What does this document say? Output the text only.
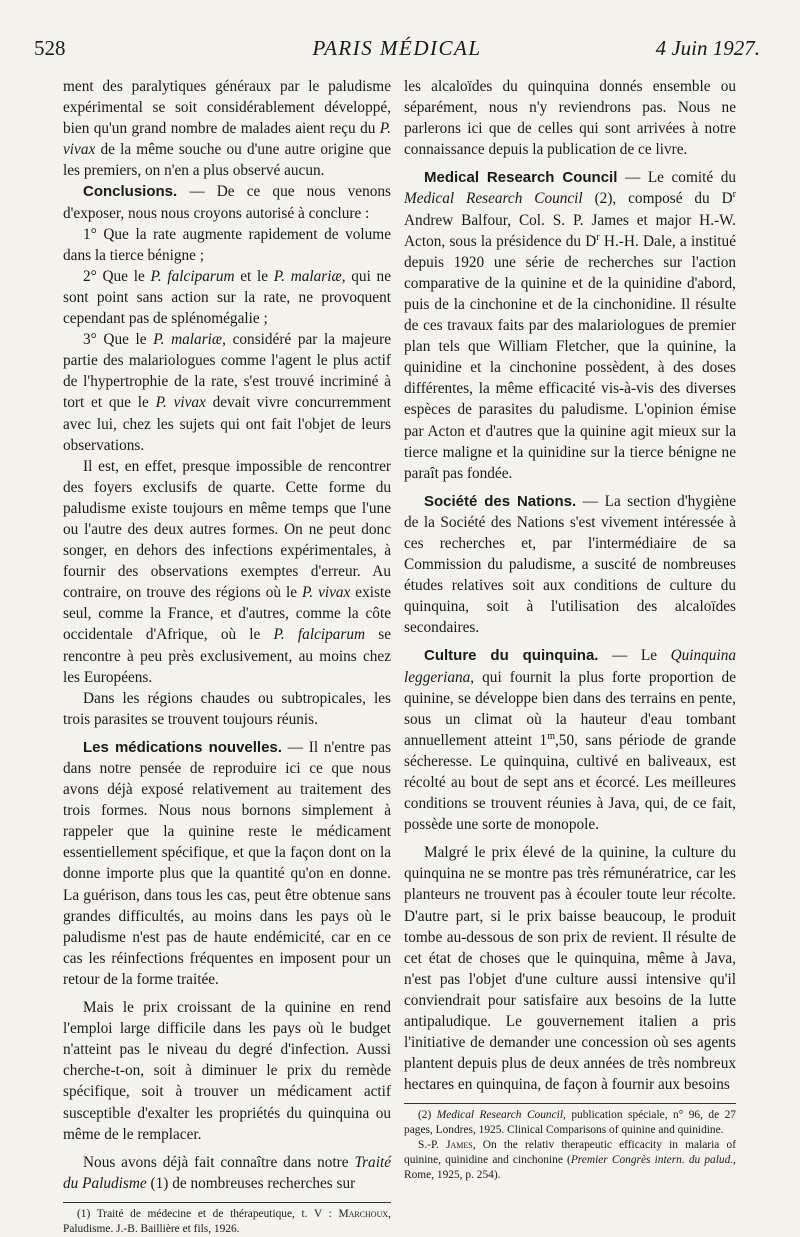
528	PARIS MÉDICAL	4 Juin 1927.

ment des paralytiques généraux par le paludisme expérimental se soit considérablement développé, bien qu'un grand nombre de malades aient reçu du P. vivax de la même souche ou d'une autre origine que les premiers, on n'en a plus observé aucun.

Conclusions. — De ce que nous venons d'exposer, nous nous croyons autorisé à conclure :

1° Que la rate augmente rapidement de volume dans la tierce bénigne ;

2° Que le P. falciparum et le P. malariæ, qui ne sont point sans action sur la rate, ne provoquent cependant pas de splénomégalie ;

3° Que le P. malariæ, considéré par la majeure partie des malariologues comme l'agent le plus actif de l'hypertrophie de la rate, s'est trouvé incriminé à tort et que le P. vivax devait vivre concurremment avec lui, chez les sujets qui ont fait l'objet de leurs observations.

Il est, en effet, presque impossible de rencontrer des foyers exclusifs de quarte. Cette forme du paludisme existe toujours en même temps que l'une ou l'autre des deux autres formes. On ne peut donc songer, en dehors des infections expérimentales, à fournir des observations exemptes d'erreur. Au contraire, on trouve des régions où le P. vivax existe seul, comme la France, et d'autres, comme la côte occidentale d'Afrique, où le P. falciparum se rencontre à peu près exclusivement, au moins chez les Européens.

Dans les régions chaudes ou subtropicales, les trois parasites se trouvent toujours réunis.

Les médications nouvelles. — Il n'entre pas dans notre pensée de reproduire ici ce que nous avons déjà exposé relativement au traitement des trois formes. Nous nous bornons simplement à rappeler que la quinine reste le médicament essentiellement spécifique, et que la façon dont on la donne importe plus que la quantité qu'on en donne. La guérison, dans tous les cas, peut être obtenue sans grandes difficultés, au moins dans les pays où le paludisme n'est pas de haute endémicité, car en ce cas les réinfections fréquentes en imposent pour un retour de la forme traitée.

Mais le prix croissant de la quinine en rend l'emploi large difficile dans les pays où le budget n'atteint pas le niveau du degré d'infection. Aussi cherche-t-on, soit à diminuer le prix du remède spécifique, soit à trouver un médicament actif susceptible d'exalter les propriétés du quinquina ou même de le remplacer.

Nous avons déjà fait connaître dans notre Traité du Paludisme (1) de nombreuses recherches sur

(1) Traité de médecine et de thérapeutique, t. V : Marchoux, Paludisme. J.-B. Baillière et fils, 1926.

les alcaloïdes du quinquina donnés ensemble ou séparément, nous n'y reviendrons pas. Nous ne parlerons ici que de celles qui sont arrivées à notre connaissance depuis la publication de ce livre.

Medical Research Council — Le comité du Medical Research Council (2), composé du $D^r$ Andrew Balfour, Col. S. P. James et major H.-W. Acton, sous la présidence du $D^r$ H.-H. Dale, a institué depuis 1920 une série de recherches sur l'action comparative de la quinine et de la quinidine d'abord, puis de la cinchonine et de la cinchonidine. Il résulte de ces travaux faits par des malariologues de premier plan tels que William Fletcher, que la quinine, la quinidine et la cinchonine possèdent, à des doses différentes, la même efficacité vis-à-vis des diverses espèces de parasites du paludisme. L'opinion émise par Acton et d'autres que la quinine agit mieux sur la tierce maligne et la quinidine sur la tierce bénigne ne paraît pas fondée.

Société des Nations. — La section d'hygiène de la Société des Nations s'est vivement intéressée à ces recherches et, par l'intermédiaire de sa Commission du paludisme, a suscité de nombreuses études relatives soit aux conditions de culture du quinquina, soit à l'utilisation des alcaloïdes secondaires.

Culture du quinquina. — Le Quinquina leggeriana, qui fournit la plus forte proportion de quinine, se développe bien dans des terrains en pente, sous un climat où la hauteur d'eau tombant annuellement atteint 1$^m$,50, sans période de grande sécheresse. Le quinquina, cultivé en baliveaux, est récolté au bout de sept ans et écorcé. Les meilleures conditions se trouvent réunies à Java, qui, de ce fait, possède une sorte de monopole.

Malgré le prix élevé de la quinine, la culture du quinquina ne se montre pas très rémunératrice, car les planteurs ne trouvent pas à écouler toute leur récolte. D'autre part, si le prix baisse beaucoup, le produit tombe au-dessous de son prix de revient. Il résulte de cet état de choses que le quinquina, même à Java, n'est pas l'objet d'une culture aussi intensive qu'il conviendrait pour satisfaire aux besoins de la lutte antipaludique. Le gouvernement italien a pris l'initiative de demander une concession où ses agents plantent depuis plus de deux années de très nombreux hectares en quinquina, de façon à fournir aux besoins

(2) Medical Research Council, publication spéciale, n° 96, de 27 pages, Londres, 1925. Clinical Comparisons of quinine and quinidine.

S.-P. James, On the relativ therapeutic efficacity in malaria of quinine, quinidine and cinchonine (Premier Congrès intern. du palud., Rome, 1925, p. 254).
